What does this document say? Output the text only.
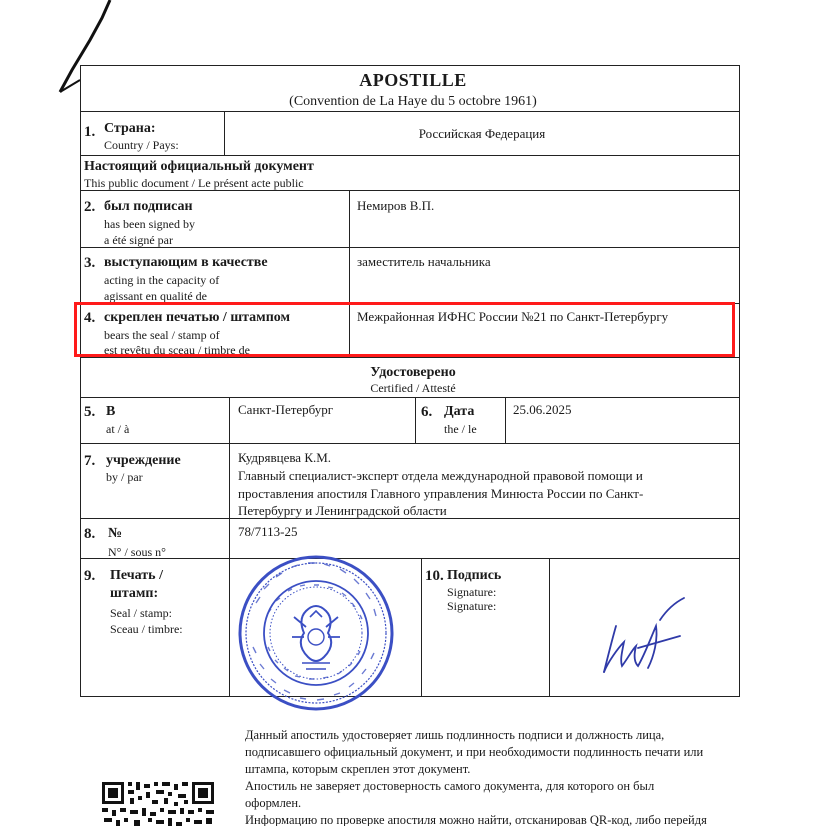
APOSTILLE
(Convention de La Haye du 5 octobre 1961)
1. Страна:
Country / Pays:
Российская Федерация
Настоящий официальный документ
This public document / Le présent acte public
2. был подписан
has been signed by
a été signé par
Немиров В.П.
3. выступающим в качестве
acting in the capacity of
agissant en qualité de
заместитель начальника
4. скреплен печатью / штампом
bears the seal / stamp of
est revêtu du sceau / timbre de
Межрайонная ИФНС России №21 по Санкт-Петербургу
Удостоверено
Certified / Attesté
5. В
at / à
Санкт-Петербург	6. Дата
the / le
25.06.2025
7. учреждение
by / par
Кудрявцева К.М.
Главный специалист-эксперт отдела международной правовой помощи и
проставления апостиля Главного управления Минюста России по Санкт-
Петербургу и Ленинградской области
8. №
N° / sous n°
78/7113-25
9. Печать /
штамп:
Seal / stamp:
Sceau / timbre:
10. Подпись
Signature:
Signature:
Данный апостиль удостоверяет лишь подлинность подписи и должность лица,
подписавшего официальный документ, и при необходимости подлинность печати или
штампа, которым скреплен этот документ.
Апостиль не заверяет достоверность самого документа, для которого он был
оформлен.
Информацию по проверке апостиля можно найти, отсканировав QR-код, либо перейдя
